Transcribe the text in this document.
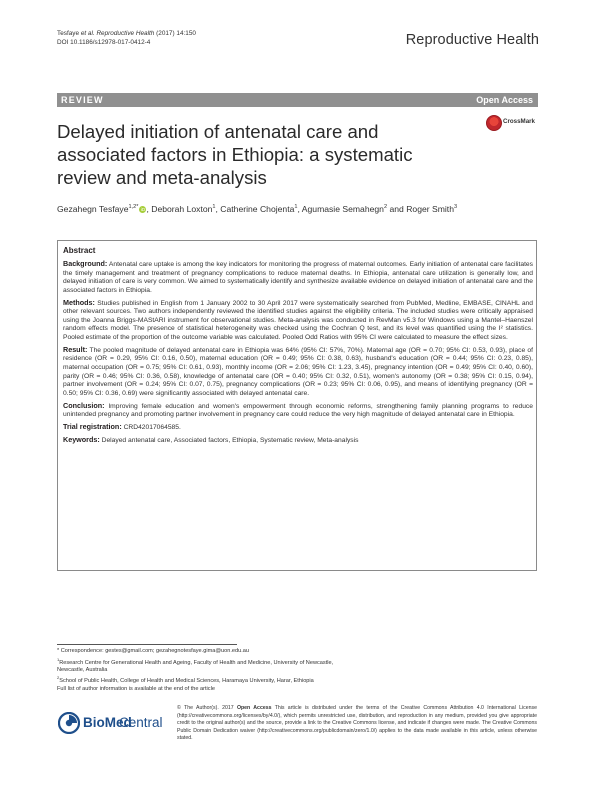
Tesfaye et al. Reproductive Health (2017) 14:150
DOI 10.1186/s12978-017-0412-4	Reproductive Health
REVIEW	Open Access
Delayed initiation of antenatal care and
associated factors in Ethiopia: a systematic
review and meta-analysis
CrossMark
Gezahegn Tesfaye$^{1,2*}$ iD, Deborah Loxton$^1$, Catherine Chojenta$^1$, Agumasie Semahegn$^2$ and Roger Smith$^3$
Abstract

Background: Antenatal care uptake is among the key indicators for monitoring the progress of maternal outcomes. Early initiation of antenatal care facilitates the timely management and treatment of pregnancy complications to reduce maternal deaths. In Ethiopia, antenatal care utilization is generally low, and delayed initiation of care is very common. We aimed to systematically identify and synthesize available evidence on delayed initiation of antenatal care and the associated factors in Ethiopia.

Methods: Studies published in English from 1 January 2002 to 30 April 2017 were systematically searched from PubMed, Medline, EMBASE, CINAHL and other relevant sources. Two authors independently reviewed the identified studies against the eligibility criteria. The included studies were critically appraised using the Joanna Briggs-MAStARI instrument for observational studies. Meta-analysis was conducted in RevMan v5.3 for Windows using a Mantel–Haenszel random effects model. The presence of statistical heterogeneity was checked using the Cochran Q test, and its level was quantified using the I² statistics. Pooled estimate of the proportion of the outcome variable was calculated. Pooled Odd Ratios with 95% CI were calculated to measure the effect sizes.

Result: The pooled magnitude of delayed antenatal care in Ethiopia was 64% (95% CI: 57%, 70%). Maternal age (OR = 0.70; 95% CI: 0.53, 0.93), place of residence (OR = 0.29, 95% CI: 0.16, 0.50), maternal education (OR = 0.49; 95% CI: 0.38, 0.63), husband's education (OR = 0.44; 95% CI: 0.23, 0.85), maternal occupation (OR = 0.75; 95% CI: 0.61, 0.93), monthly income (OR = 2.06; 95% CI: 1.23, 3.45), pregnancy intention (OR = 0.49; 95% CI: 0.40, 0.60), parity (OR = 0.46; 95% CI: 0.36, 0.58), knowledge of antenatal care (OR = 0.40; 95% CI: 0.32, 0.51), women's autonomy (OR = 0.38; 95% CI: 0.15, 0.94), partner involvement (OR = 0.24; 95% CI: 0.07, 0.75), pregnancy complications (OR = 0.23; 95% CI: 0.06, 0.95), and means of identifying pregnancy (OR = 0.50; 95% CI: 0.36, 0.69) were significantly associated with delayed antenatal care.

Conclusion: Improving female education and women's empowerment through economic reforms, strengthening family planning programs to reduce unintended pregnancy and promoting partner involvement in pregnancy care could reduce the very high magnitude of delayed antenatal care in Ethiopia.

Trial registration: CRD42017064585.

Keywords: Delayed antenatal care, Associated factors, Ethiopia, Systematic review, Meta-analysis

* Correspondence: gestes@gmail.com; gezahegnotesfaye.gima@uon.edu.au
$^1$Research Centre for Generational Health and Ageing, Faculty of Health and Medicine, University of Newcastle, Newcastle, Australia
$^2$School of Public Health, College of Health and Medical Sciences, Haramaya University, Harar, Ethiopia
Full list of author information is available at the end of the article
BioMed
Central
© The Author(s). 2017 Open Access This article is distributed under the terms of the Creative Commons Attribution 4.0 International License (http://creativecommons.org/licenses/by/4.0/), which permits unrestricted use, distribution, and reproduction in any medium, provided you give appropriate credit to the original author(s) and the source, provide a link to the Creative Commons license, and indicate if changes were made. The Creative Commons Public Domain Dedication waiver (http://creativecommons.org/publicdomain/zero/1.0/) applies to the data made available in this article, unless otherwise stated.
